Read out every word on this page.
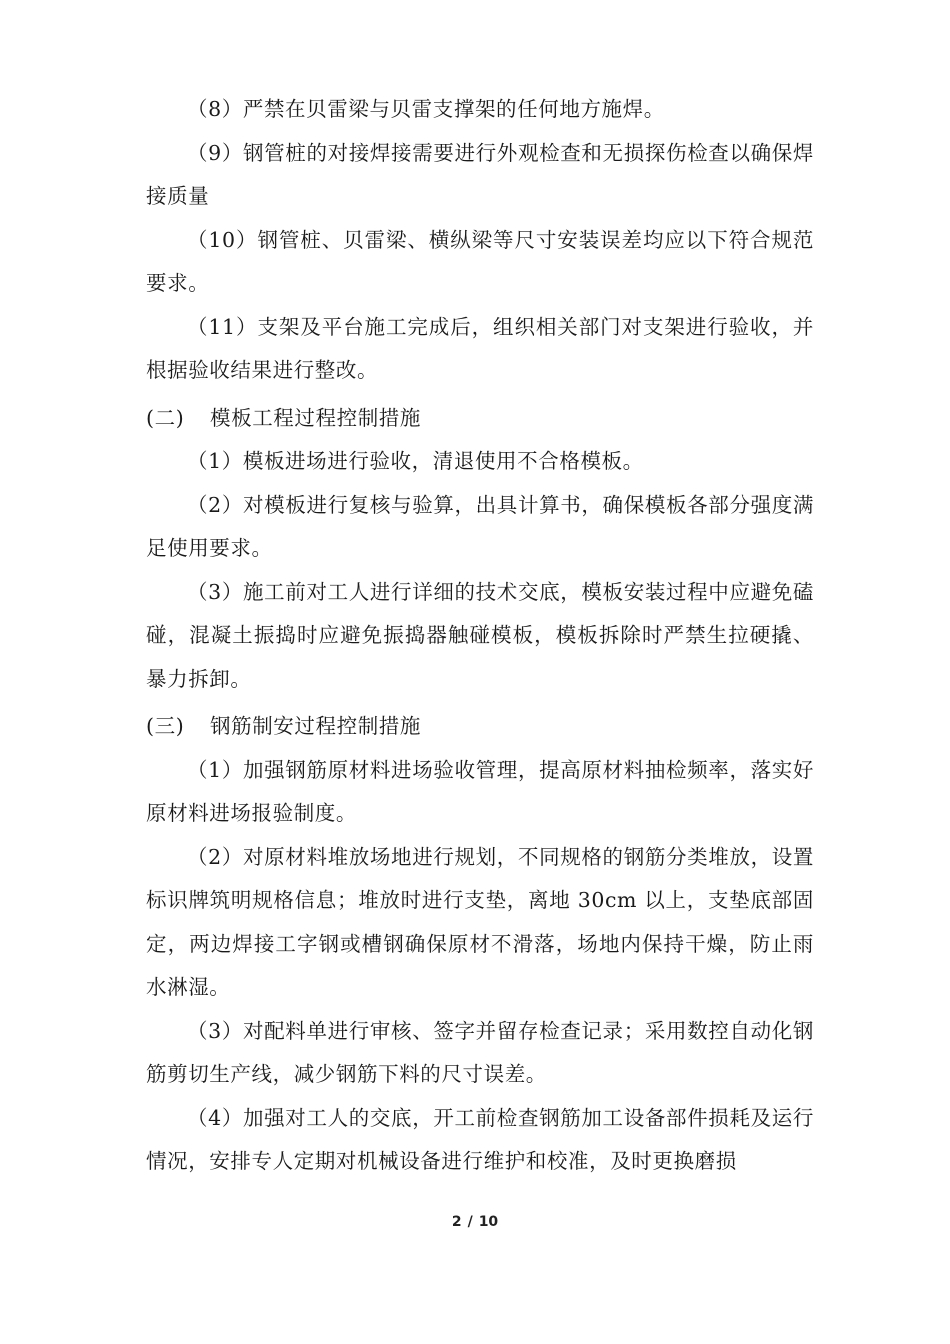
（8）严禁在贝雷梁与贝雷支撑架的任何地方施焊。

（9）钢管桩的对接焊接需要进行外观检查和无损探伤检查以确保焊接质量

（10）钢管桩、贝雷梁、横纵梁等尺寸安装误差均应以下符合规范要求。

（11）支架及平台施工完成后，组织相关部门对支架进行验收，并根据验收结果进行整改。

(二) 模板工程过程控制措施

（1）模板进场进行验收，清退使用不合格模板。

（2）对模板进行复核与验算，出具计算书，确保模板各部分强度满足使用要求。

（3）施工前对工人进行详细的技术交底，模板安装过程中应避免磕碰，混凝土振捣时应避免振捣器触碰模板，模板拆除时严禁生拉硬撬、暴力拆卸。

(三) 钢筋制安过程控制措施

（1）加强钢筋原材料进场验收管理，提高原材料抽检频率，落实好原材料进场报验制度。

（2）对原材料堆放场地进行规划，不同规格的钢筋分类堆放，设置标识牌筑明规格信息；堆放时进行支垫，离地 30cm 以上，支垫底部固定，两边焊接工字钢或槽钢确保原材不滑落，场地内保持干燥，防止雨水淋湿。

（3）对配料单进行审核、签字并留存检查记录；采用数控自动化钢筋剪切生产线，减少钢筋下料的尺寸误差。

（4）加强对工人的交底，开工前检查钢筋加工设备部件损耗及运行情况，安排专人定期对机械设备进行维护和校准，及时更换磨损

2 / 10
